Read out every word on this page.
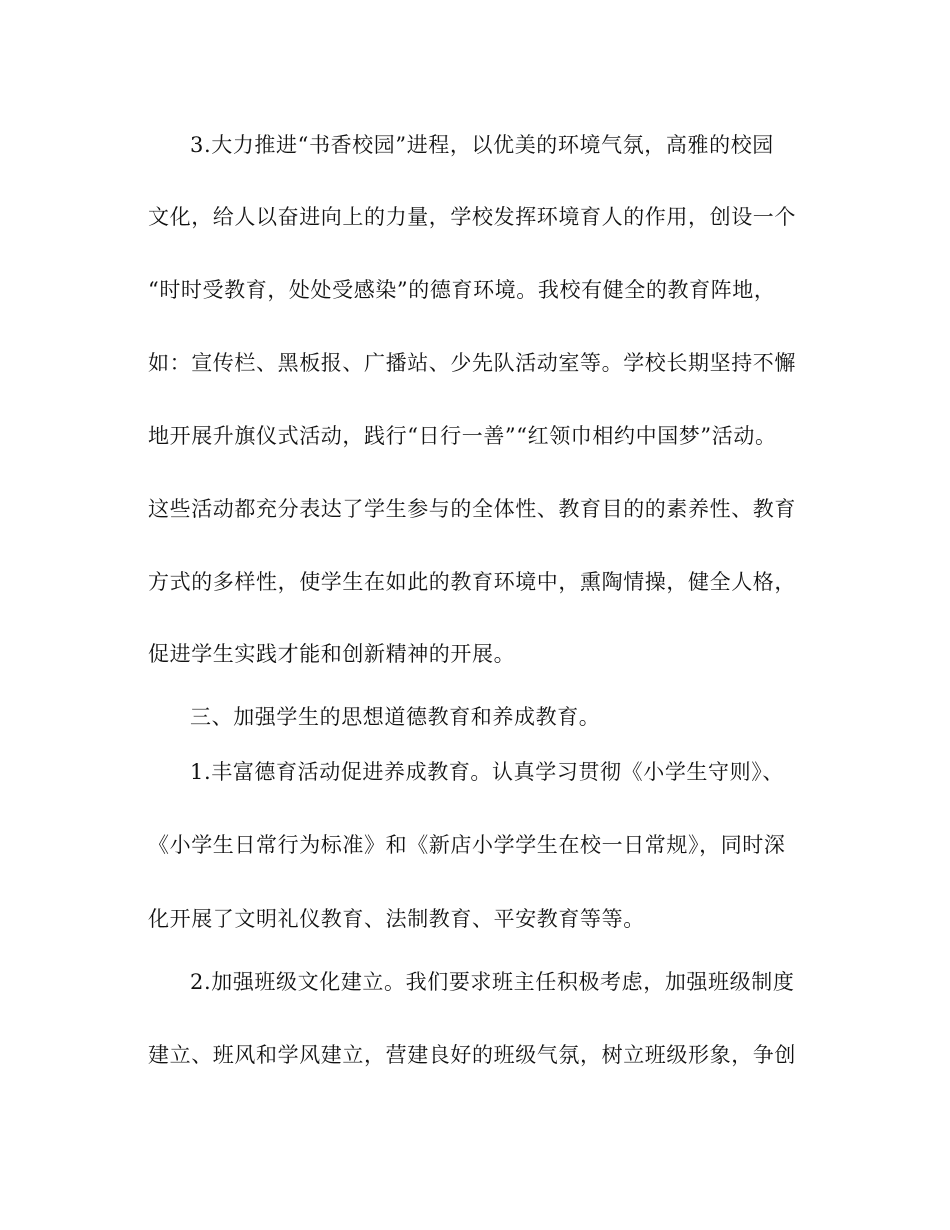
3.大力推进“书香校园”进程，以优美的环境气氛，高雅的校园
文化，给人以奋进向上的力量，学校发挥环境育人的作用，创设一个
“时时受教育，处处受感染”的德育环境。我校有健全的教育阵地，
如：宣传栏、黑板报、广播站、少先队活动室等。学校长期坚持不懈
地开展升旗仪式活动，践行“日行一善”“红领巾相约中国梦”活动。
这些活动都充分表达了学生参与的全体性、教育目的的素养性、教育
方式的多样性，使学生在如此的教育环境中，熏陶情操，健全人格，
促进学生实践才能和创新精神的开展。
三、加强学生的思想道德教育和养成教育。
1.丰富德育活动促进养成教育。认真学习贯彻《小学生守则》、
《小学生日常行为标准》和《新店小学学生在校一日常规》，同时深
化开展了文明礼仪教育、法制教育、平安教育等等。
2.加强班级文化建立。我们要求班主任积极考虑，加强班级制度
建立、班风和学风建立，营建良好的班级气氛，树立班级形象，争创
